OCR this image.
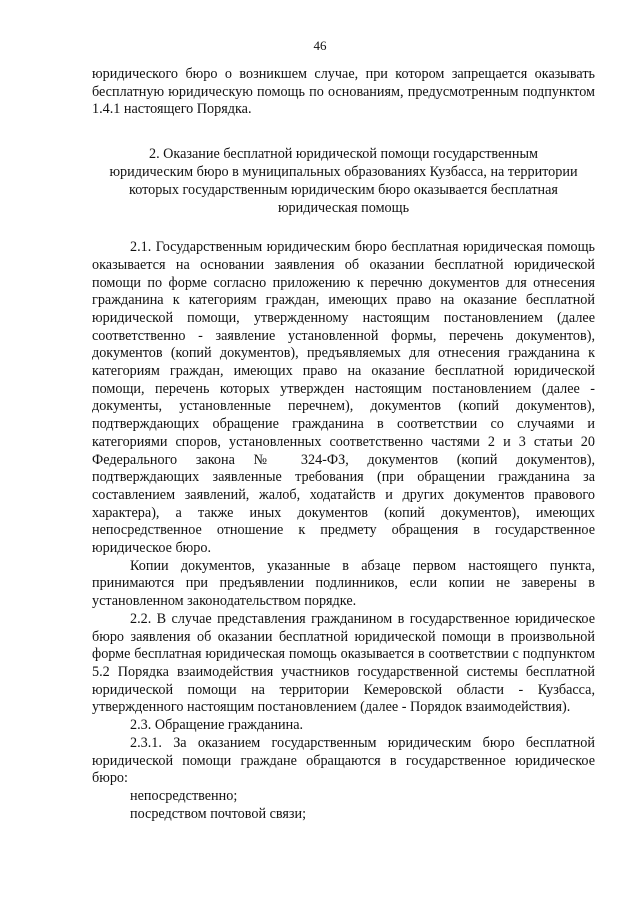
46

юридического бюро о возникшем случае, при котором запрещается оказывать бесплатную юридическую помощь по основаниям, предусмотренным подпунктом 1.4.1 настоящего Порядка.

2. Оказание бесплатной юридической помощи государственным
юридическим бюро в муниципальных образованиях Кузбасса, на территории
которых государственным юридическим бюро оказывается бесплатная
юридическая помощь

2.1. Государственным юридическим бюро бесплатная юридическая помощь оказывается на основании заявления об оказании бесплатной юридической помощи по форме согласно приложению к перечню документов для отнесения гражданина к категориям граждан, имеющих право на оказание бесплатной юридической помощи, утвержденному настоящим постановлением (далее соответственно - заявление установленной формы, перечень документов), документов (копий документов), предъявляемых для отнесения гражданина к категориям граждан, имеющих право на оказание бесплатной юридической помощи, перечень которых утвержден настоящим постановлением (далее - документы, установленные перечнем), документов (копий документов), подтверждающих обращение гражданина в соответствии со случаями и категориями споров, установленных соответственно частями 2 и 3 статьи 20 Федерального закона № 324-ФЗ, документов (копий документов), подтверждающих заявленные требования (при обращении гражданина за составлением заявлений, жалоб, ходатайств и других документов правового характера), а также иных документов (копий документов), имеющих непосредственное отношение к предмету обращения в государственное юридическое бюро.

Копии документов, указанные в абзаце первом настоящего пункта, принимаются при предъявлении подлинников, если копии не заверены в установленном законодательством порядке.

2.2. В случае представления гражданином в государственное юридическое бюро заявления об оказании бесплатной юридической помощи в произвольной форме бесплатная юридическая помощь оказывается в соответствии с подпунктом 5.2 Порядка взаимодействия участников государственной системы бесплатной юридической помощи на территории Кемеровской области - Кузбасса, утвержденного настоящим постановлением (далее - Порядок взаимодействия).

2.3. Обращение гражданина.

2.3.1. За оказанием государственным юридическим бюро бесплатной юридической помощи граждане обращаются в государственное юридическое бюро:

непосредственно;

посредством почтовой связи;
